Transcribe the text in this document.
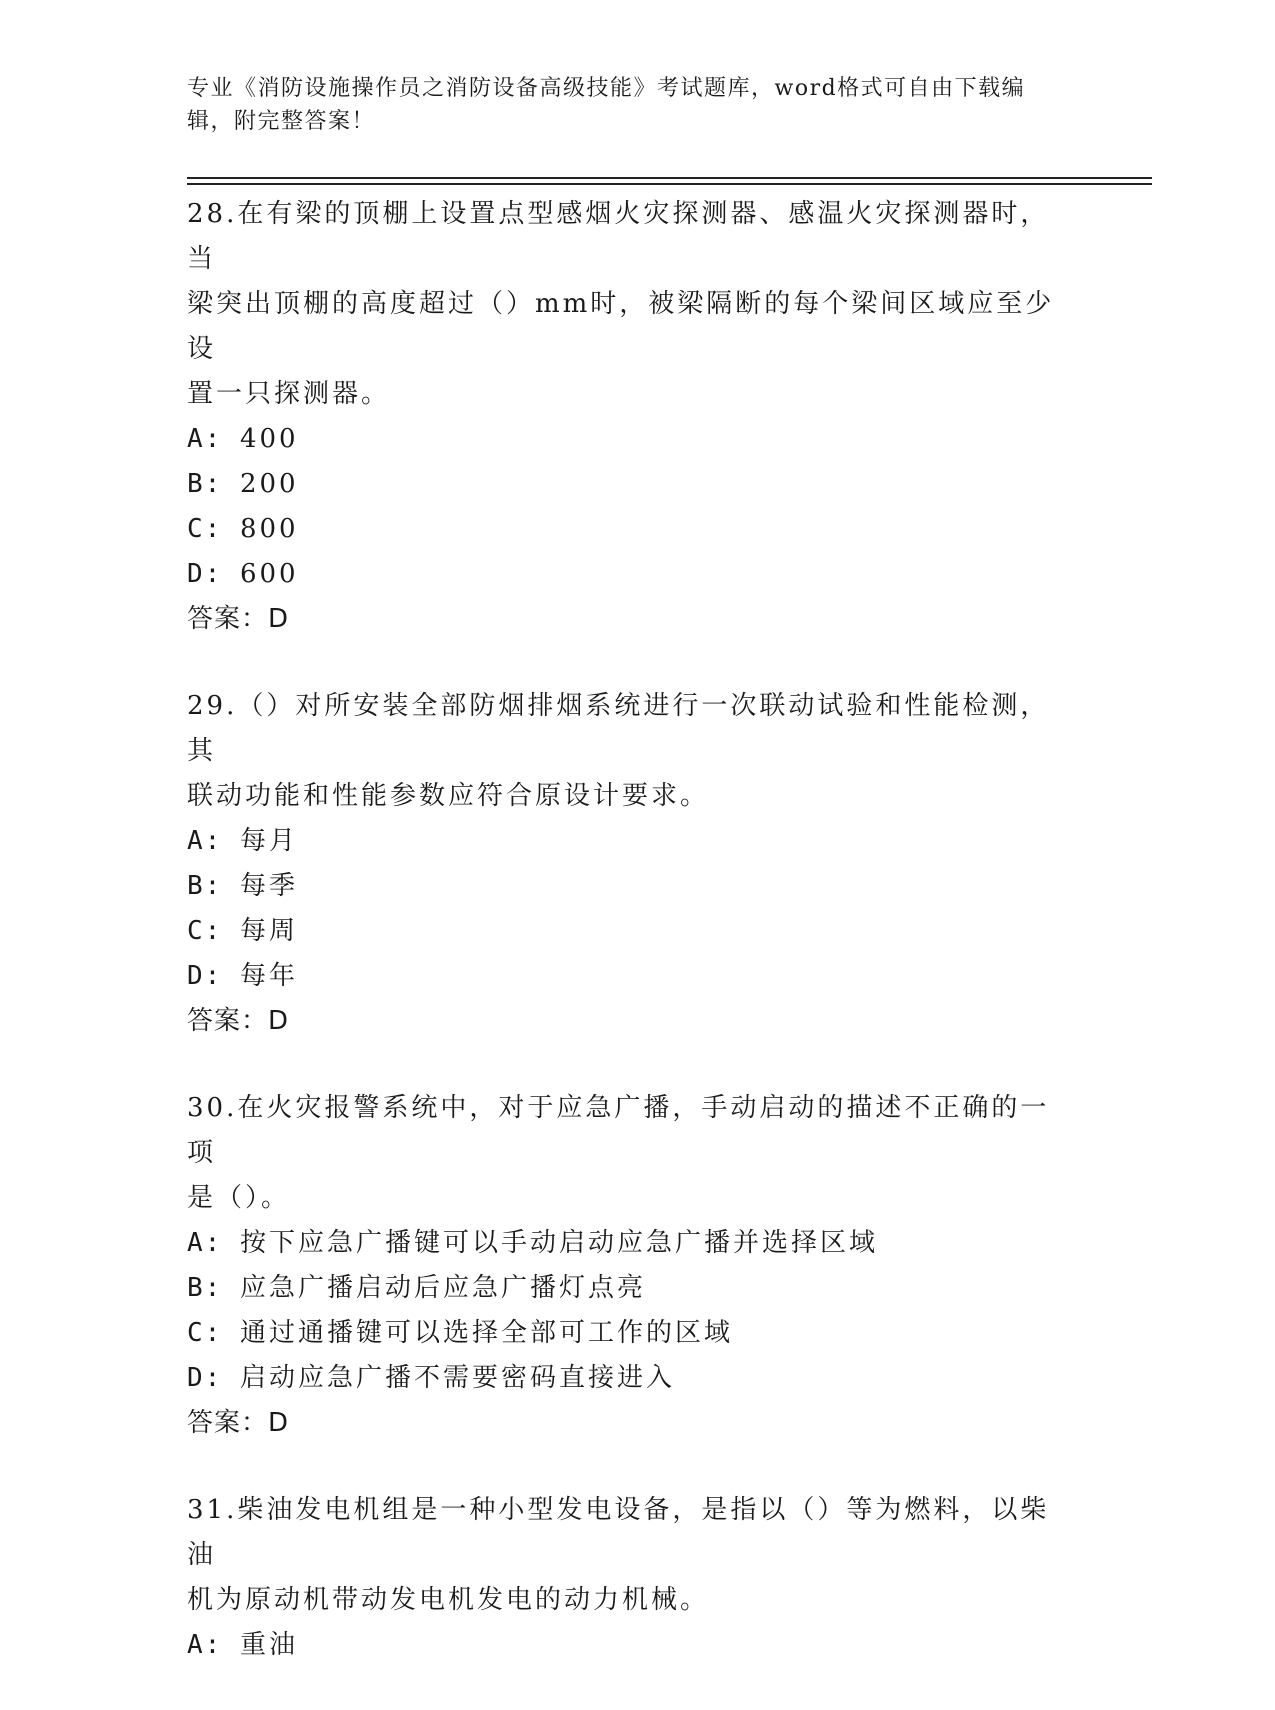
专业《消防设施操作员之消防设备高级技能》考试题库，word格式可自由下载编
辑，附完整答案！

28.在有梁的顶棚上设置点型感烟火灾探测器、感温火灾探测器时，当

梁突出顶棚的高度超过（）mm时，被梁隔断的每个梁间区域应至少设

置一只探测器。

A: 400

B: 200

C: 800

D: 600

答案：D

29.（）对所安装全部防烟排烟系统进行一次联动试验和性能检测，其

联动功能和性能参数应符合原设计要求。

A: 每月

B: 每季

C: 每周

D: 每年

答案：D

30.在火灾报警系统中，对于应急广播，手动启动的描述不正确的一项

是（）。

A: 按下应急广播键可以手动启动应急广播并选择区域

B: 应急广播启动后应急广播灯点亮

C: 通过通播键可以选择全部可工作的区域

D: 启动应急广播不需要密码直接进入

答案：D

31.柴油发电机组是一种小型发电设备，是指以（）等为燃料，以柴油

机为原动机带动发电机发电的动力机械。

A: 重油
